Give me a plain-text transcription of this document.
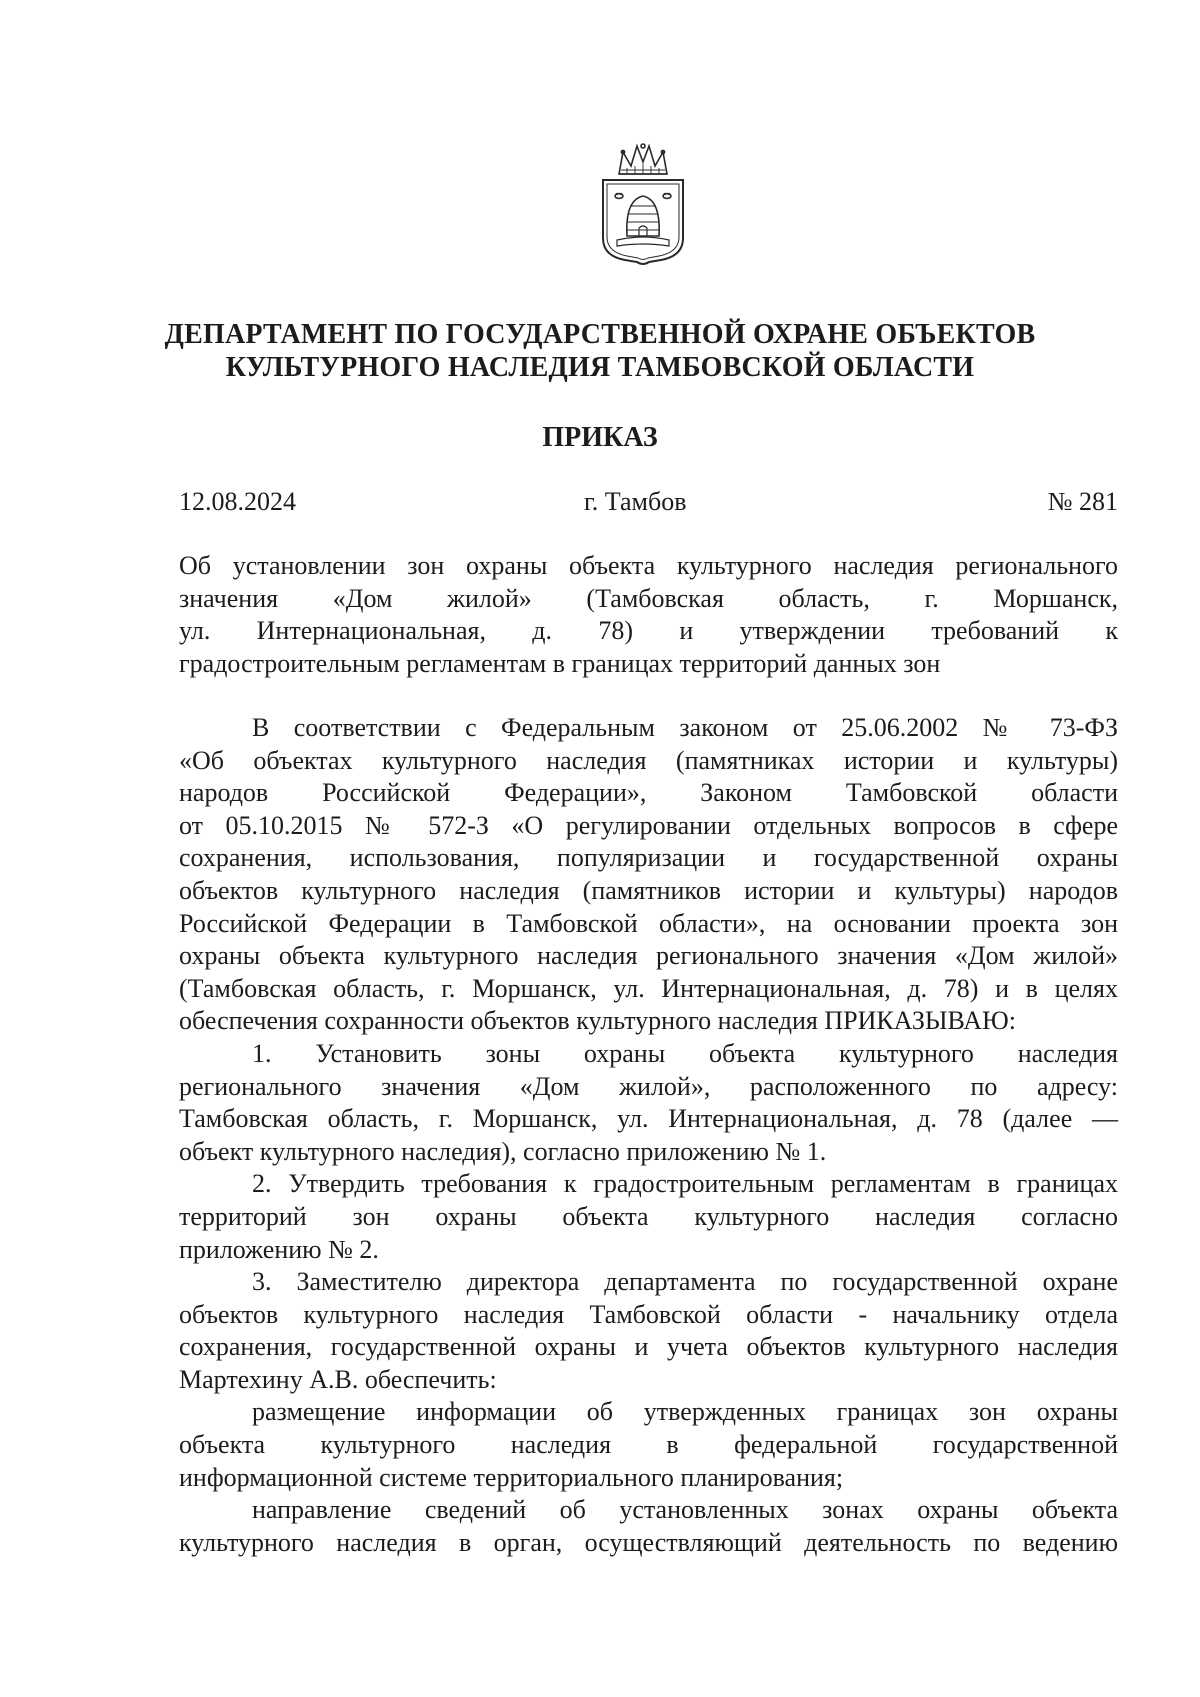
ДЕПАРТАМЕНТ ПО ГОСУДАРСТВЕННОЙ ОХРАНЕ ОБЪЕКТОВ
КУЛЬТУРНОГО НАСЛЕДИЯ ТАМБОВСКОЙ ОБЛАСТИ
ПРИКАЗ
12.08.2024	г. Тамбов	№ 281

Об установлении зон охраны объекта культурного наследия регионального

значения «Дом жилой» (Тамбовская область, г. Моршанск,

ул. Интернациональная, д. 78) и утверждении требований к

градостроительным регламентам в границах территорий данных зон

В соответствии с Федеральным законом от 25.06.2002 № 73-ФЗ

«Об объектах культурного наследия (памятниках истории и культуры)

народов Российской Федерации», Законом Тамбовской области

от 05.10.2015 № 572-З «О регулировании отдельных вопросов в сфере

сохранения, использования, популяризации и государственной охраны

объектов культурного наследия (памятников истории и культуры) народов

Российской Федерации в Тамбовской области», на основании проекта зон

охраны объекта культурного наследия регионального значения «Дом жилой»

(Тамбовская область, г. Моршанск, ул. Интернациональная, д. 78) и в целях

обеспечения сохранности объектов культурного наследия ПРИКАЗЫВАЮ:

1. Установить зоны охраны объекта культурного наследия

регионального значения «Дом жилой», расположенного по адресу:

Тамбовская область, г. Моршанск, ул. Интернациональная, д. 78 (далее —

объект культурного наследия), согласно приложению № 1.

2. Утвердить требования к градостроительным регламентам в границах

территорий зон охраны объекта культурного наследия согласно

приложению № 2.

3. Заместителю директора департамента по государственной охране

объектов культурного наследия Тамбовской области - начальнику отдела

сохранения, государственной охраны и учета объектов культурного наследия

Мартехину А.В. обеспечить:

размещение информации об утвержденных границах зон охраны

объекта культурного наследия в федеральной государственной

информационной системе территориального планирования;

направление сведений об установленных зонах охраны объекта

культурного наследия в орган, осуществляющий деятельность по ведению
